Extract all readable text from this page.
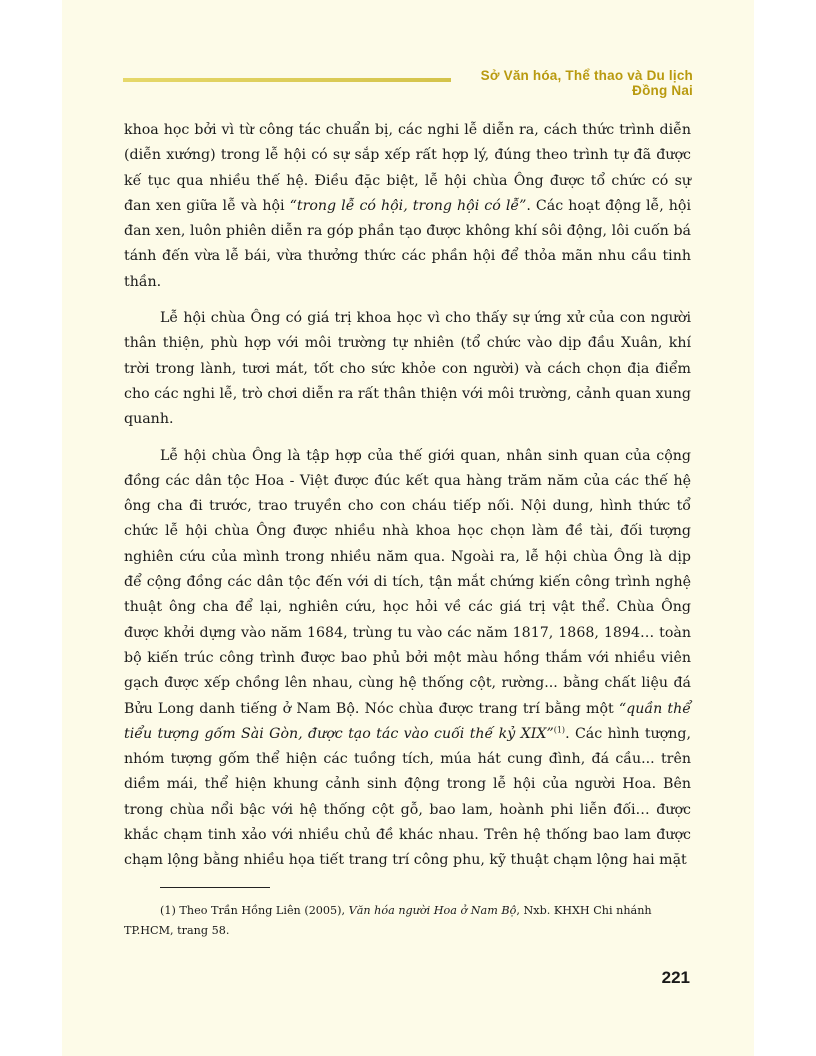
Sở Văn hóa, Thể thao và Du lịch Đồng Nai

khoa học bởi vì từ công tác chuẩn bị, các nghi lễ diễn ra, cách thức trình diễn (diễn xướng) trong lễ hội có sự sắp xếp rất hợp lý, đúng theo trình tự đã được kế tục qua nhiều thế hệ. Điều đặc biệt, lễ hội chùa Ông được tổ chức có sự đan xen giữa lễ và hội “trong lễ có hội, trong hội có lễ”. Các hoạt động lễ, hội đan xen, luôn phiên diễn ra góp phần tạo được không khí sôi động, lôi cuốn bá tánh đến vừa lễ bái, vừa thưởng thức các phần hội để thỏa mãn nhu cầu tinh thần.

Lễ hội chùa Ông có giá trị khoa học vì cho thấy sự ứng xử của con người thân thiện, phù hợp với môi trường tự nhiên (tổ chức vào dịp đầu Xuân, khí trời trong lành, tươi mát, tốt cho sức khỏe con người) và cách chọn địa điểm cho các nghi lễ, trò chơi diễn ra rất thân thiện với môi trường, cảnh quan xung quanh.

Lễ hội chùa Ông là tập hợp của thế giới quan, nhân sinh quan của cộng đồng các dân tộc Hoa - Việt được đúc kết qua hàng trăm năm của các thế hệ ông cha đi trước, trao truyền cho con cháu tiếp nối. Nội dung, hình thức tổ chức lễ hội chùa Ông được nhiều nhà khoa học chọn làm đề tài, đối tượng nghiên cứu của mình trong nhiều năm qua. Ngoài ra, lễ hội chùa Ông là dịp để cộng đồng các dân tộc đến với di tích, tận mắt chứng kiến công trình nghệ thuật ông cha để lại, nghiên cứu, học hỏi về các giá trị vật thể. Chùa Ông được khởi dựng vào năm 1684, trùng tu vào các năm 1817, 1868, 1894… toàn bộ kiến trúc công trình được bao phủ bởi một màu hồng thắm với nhiều viên gạch được xếp chồng lên nhau, cùng hệ thống cột, rường... bằng chất liệu đá Bửu Long danh tiếng ở Nam Bộ. Nóc chùa được trang trí bằng một “quần thể tiểu tượng gốm Sài Gòn, được tạo tác vào cuối thế kỷ XIX”$^{(1)}$. Các hình tượng, nhóm tượng gốm thể hiện các tuồng tích, múa hát cung đình, đá cầu... trên diềm mái, thể hiện khung cảnh sinh động trong lễ hội của người Hoa. Bên trong chùa nổi bậc với hệ thống cột gỗ, bao lam, hoành phi liễn đối… được khắc chạm tinh xảo với nhiều chủ đề khác nhau. Trên hệ thống bao lam được chạm lộng bằng nhiều họa tiết trang trí công phu, kỹ thuật chạm lộng hai mặt

(1) Theo Trần Hồng Liên (2005), Văn hóa người Hoa ở Nam Bộ, Nxb. KHXH Chi nhánh TP.HCM, trang 58.
221
